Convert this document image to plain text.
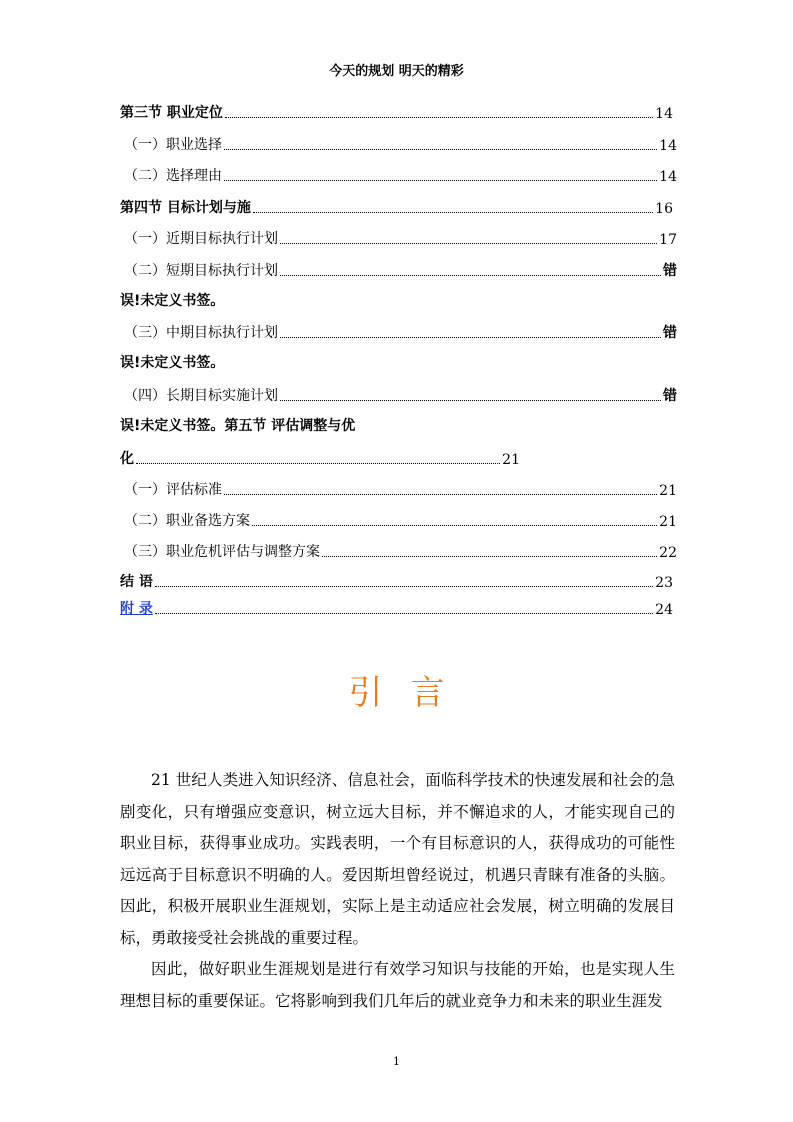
今天的规划 明天的精彩
第三节 职业定位	14
（一）职业选择	14
（二）选择理由	14
第四节 目标计划与施	16
（一）近期目标执行计划	17
（二）短期目标执行计划	错
误!未定义书签。
（三）中期目标执行计划	错
误!未定义书签。
（四）长期目标实施计划	错
误!未定义书签。第五节 评估调整与优
化	21
（一）评估标准	21
（二）职业备选方案	21
（三）职业危机评估与调整方案	22
结 语	23
附 录	24
引言

21 世纪人类进入知识经济、信息社会，面临科学技术的快速发展和社会的急剧变化，只有增强应变意识，树立远大目标，并不懈追求的人，才能实现自己的职业目标，获得事业成功。实践表明，一个有目标意识的人，获得成功的可能性远远高于目标意识不明确的人。爱因斯坦曾经说过，机遇只青睐有准备的头脑。因此，积极开展职业生涯规划，实际上是主动适应社会发展，树立明确的发展目标，勇敢接受社会挑战的重要过程。

因此，做好职业生涯规划是进行有效学习知识与技能的开始，也是实现人生理想目标的重要保证。它将影响到我们几年后的就业竞争力和未来的职业生涯发

1
